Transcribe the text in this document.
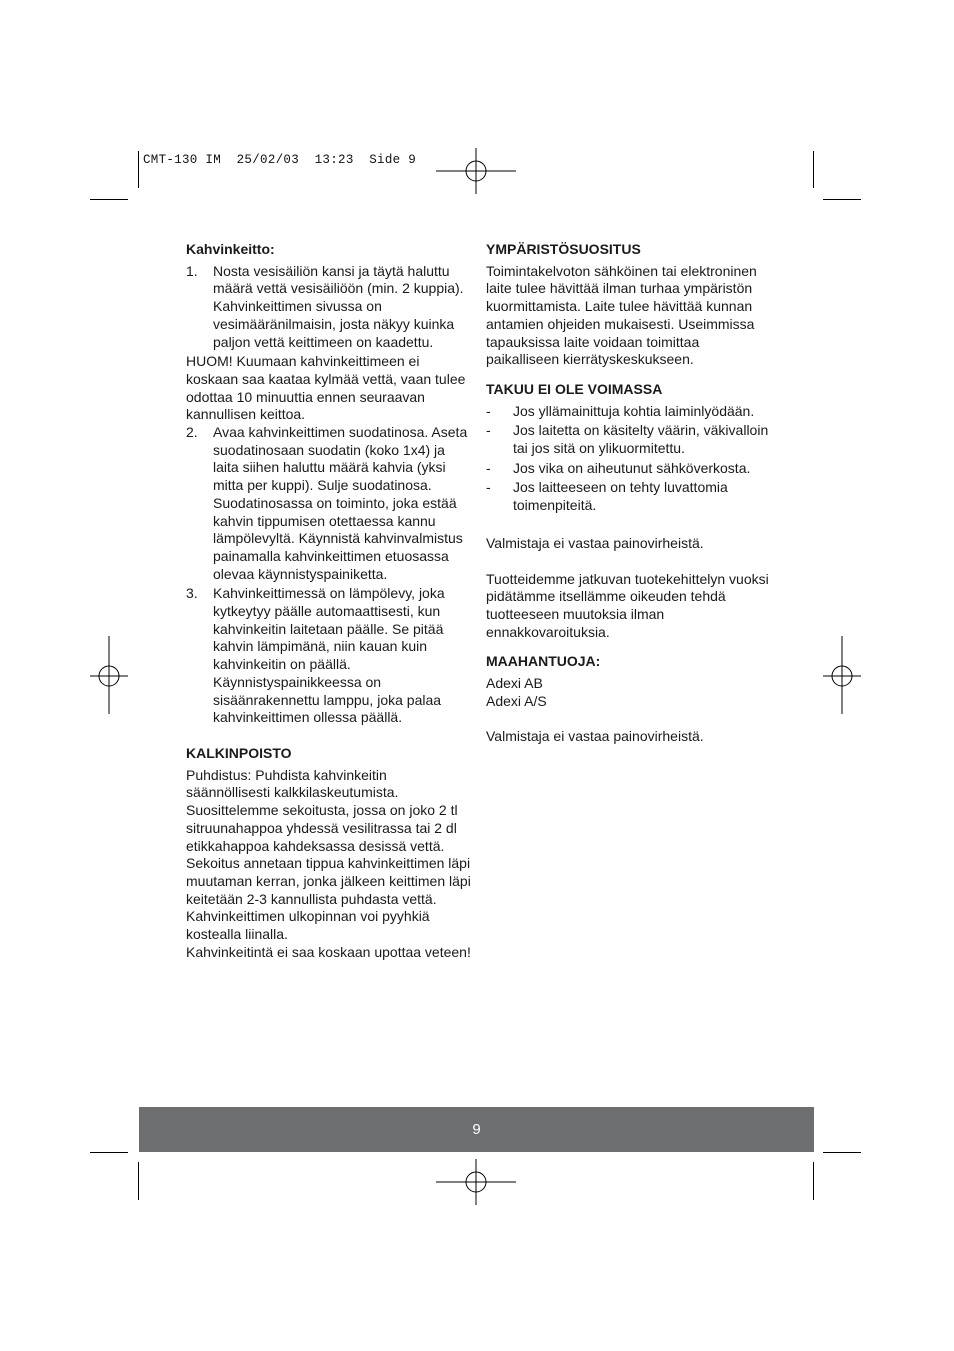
CMT-130 IM  25/02/03  13:23  Side 9
Kahvinkeitto:
1.	Nosta vesisäiliön kansi ja täytä haluttu määrä vettä vesisäiliöön (min. 2 kuppia). Kahvinkeittimen sivussa on vesimääränilmaisin, josta näkyy kuinka paljon vettä keittimeen on kaadettu.

HUOM! Kuumaan kahvinkeittimeen ei koskaan saa kaatаа kylmää vettä, vaan tulee odottaa 10 minuuttia ennen seuraavan kannullisen keittoa.

2.	Avaa kahvinkeittimen suodatinosa. Aseta suodatinosaan suodatin (koko 1x4) ja laita siihen haluttu määrä kahvia (yksi mitta per kuppi). Sulje suodatinosa. Suodatinosassa on toiminto, joka estää kahvin tippumisen otettaessa kannu lämpölevyltä. Käynnistä kahvinvalmistus painamalla kahvinkeittimen etuosassa olevaa käynnistyspainiketta.

3.	Kahvinkeittimessä on lämpölevy, joka kytkeytyy päälle automaattisesti, kun kahvinkeitin laitetaan päälle. Se pitää kahvin lämpimänä, niin kauan kuin kahvinkeitin on päällä. Käynnistyspainikkeessa on sisäänrakennettu lamppu, joka palaa kahvinkeittimen ollessa päällä.

KALKINPOISTO

Puhdistus: Puhdista kahvinkeitin säännöllisesti kalkkilaskeutumista. Suosittelemme sekoitusta, jossa on joko 2 tl sitruunahappoa yhdessä vesilitrassa tai 2 dl etikkahappoa kahdeksassa desissä vettä. Sekoitus annetaan tippua kahvinkeittimen läpi muutaman kerran, jonka jälkeen keittimen läpi keitetään 2-3 kannullista puhdasta vettä.

Kahvinkeittimen ulkopinnan voi pyyhkiä kostealla liinalla.

Kahvinkeitintä ei saa koskaan upottaa veteen!

YMPÄRISTÖSUOSITUS

Toimintakelvoton sähköinen tai elektroninen laite tulee hävittää ilman turhaa ympäristön kuormittamista. Laite tulee hävittää kunnan antamien ohjeiden mukaisesti. Useimmissa tapauksissa laite voidaan toimittaa paikalliseen kierrätyskeskukseen.

TAKUU EI OLE VOIMASSA
-	Jos yllämainittuja kohtia laiminlyödään.

-	Jos laitetta on käsitelty väärin, väkivalloin tai jos sitä on ylikuormitettu.

-	Jos vika on aiheutunut sähköverkosta.

-	Jos laitteeseen on tehty luvattomia toimenpiteitä.

Valmistaja ei vastaa painovirheistä.

Tuotteidemme jatkuvan tuotekehittelyn vuoksi pidätämme itsellämme oikeuden tehdä tuotteeseen muutoksia ilman ennakkovaroituksia.

MAAHANTUOJA:

Adexi AB

Adexi A/S

Valmistaja ei vastaa painovirheistä.

9
